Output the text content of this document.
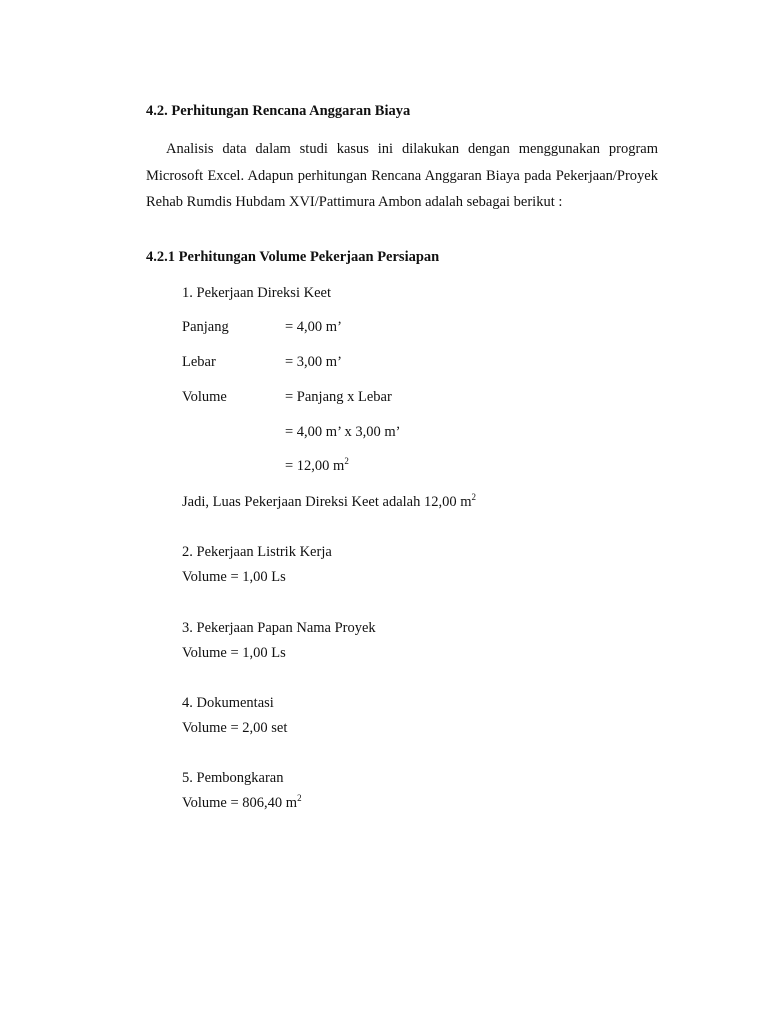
4.2. Perhitungan Rencana Anggaran Biaya

Analisis data dalam studi kasus ini dilakukan dengan menggunakan program Microsoft Excel. Adapun perhitungan Rencana Anggaran Biaya pada Pekerjaan/Proyek Rehab Rumdis Hubdam XVI/Pattimura Ambon adalah sebagai berikut :

4.2.1 Perhitungan Volume Pekerjaan Persiapan
1. Pekerjaan Direksi Keet
Panjang	= 4,00 m’
Lebar	= 3,00 m’
Volume	= Panjang x Lebar
= 4,00 m’ x 3,00 m’
= 12,00 $m^2$
Jadi, Luas Pekerjaan Direksi Keet adalah 12,00 $m^2$
2. Pekerjaan Listrik Kerja
Volume = 1,00 Ls
3. Pekerjaan Papan Nama Proyek
Volume = 1,00 Ls
4. Dokumentasi
Volume = 2,00 set
5. Pembongkaran
Volume = 806,40 $m^2$
